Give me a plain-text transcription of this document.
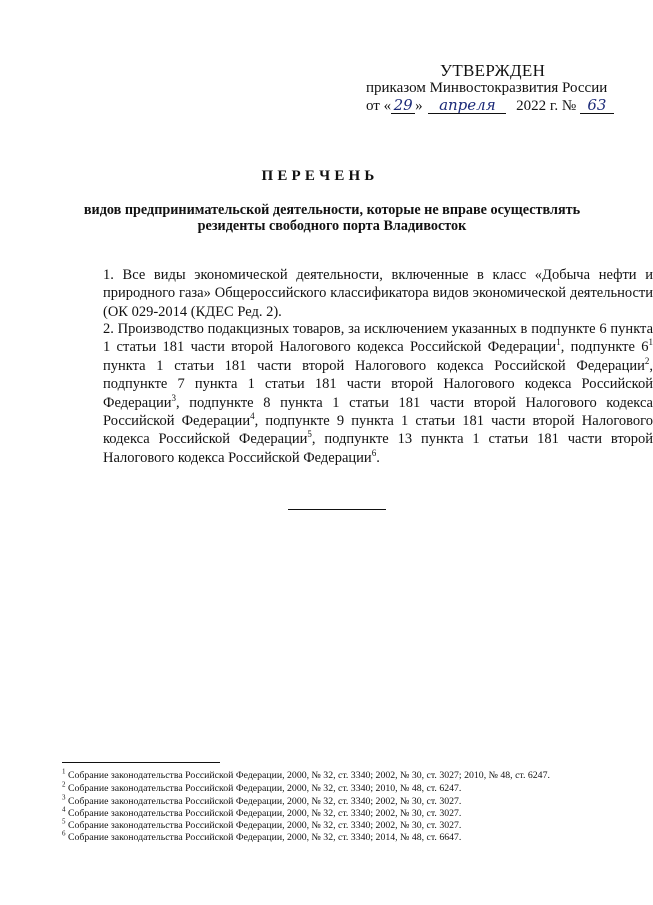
УТВЕРЖДЕН
приказом Минвостокразвития России
от « 29 » апреля 2022 г. № 63
ПЕРЕЧЕНЬ
видов предпринимательской деятельности, которые не вправе осуществлять
резиденты свободного порта Владивосток
1. Все виды экономической деятельности, включенные в класс «Добыча нефти и природного газа» Общероссийского классификатора видов экономической деятельности (ОК 029-2014 (КДЕС Ред. 2).
2. Производство подакцизных товаров, за исключением указанных в подпункте 6 пункта 1 статьи 181 части второй Налогового кодекса Российской Федерации$^1$, подпункте $6^1$ пункта 1 статьи 181 части второй Налогового кодекса Российской Федерации$^2$, подпункте 7 пункта 1 статьи 181 части второй Налогового кодекса Российской Федерации$^3$, подпункте 8 пункта 1 статьи 181 части второй Налогового кодекса Российской Федерации$^4$, подпункте 9 пункта 1 статьи 181 части второй Налогового кодекса Российской Федерации$^5$, подпункте 13 пункта 1 статьи 181 части второй Налогового кодекса Российской Федерации$^6$.
$^1$ Собрание законодательства Российской Федерации, 2000, № 32, ст. 3340; 2002, № 30, ст. 3027; 2010, № 48, ст. 6247.
$^2$ Собрание законодательства Российской Федерации, 2000, № 32, ст. 3340; 2010, № 48, ст. 6247.
$^3$ Собрание законодательства Российской Федерации, 2000, № 32, ст. 3340; 2002, № 30, ст. 3027.
$^4$ Собрание законодательства Российской Федерации, 2000, № 32, ст. 3340; 2002, № 30, ст. 3027.
$^5$ Собрание законодательства Российской Федерации, 2000, № 32, ст. 3340; 2002, № 30, ст. 3027.
$^6$ Собрание законодательства Российской Федерации, 2000, № 32, ст. 3340; 2014, № 48, ст. 6647.
